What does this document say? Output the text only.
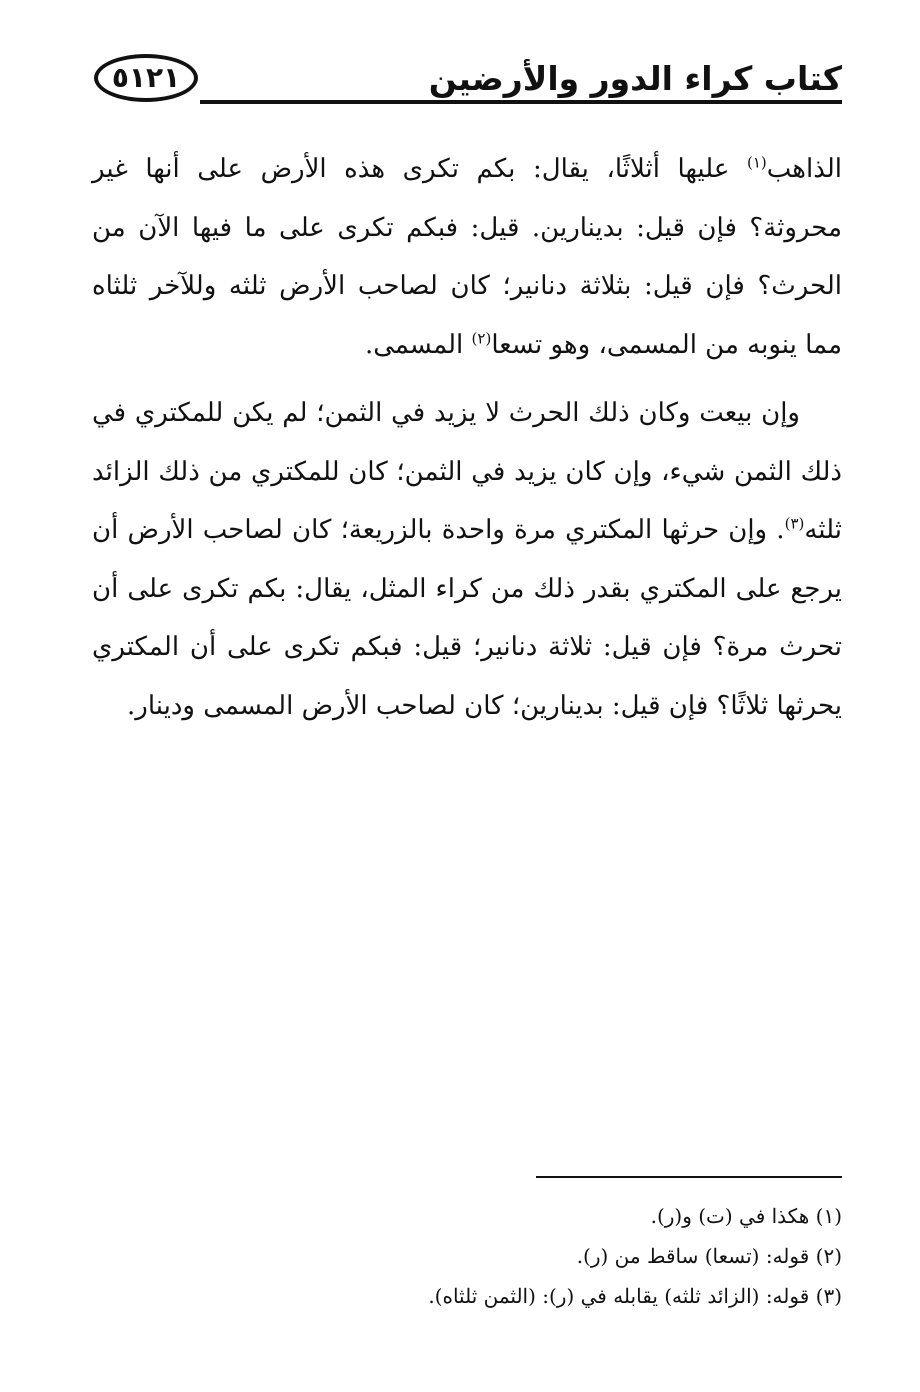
كتاب كراء الدور والأرضين
٥١٢١

الذاهب$^{(١)}$ عليها أثلاثًا، يقال: بكم تكرى هذه الأرض على أنها غير محروثة؟ فإن قيل: بدينارين. قيل: فبكم تكرى على ما فيها الآن من الحرث؟ فإن قيل: بثلاثة دنانير؛ كان لصاحب الأرض ثلثه وللآخر ثلثاه مما ينوبه من المسمى، وهو تسعا$^{(٢)}$ المسمى.

وإن بيعت وكان ذلك الحرث لا يزيد في الثمن؛ لم يكن للمكتري في ذلك الثمن شيء، وإن كان يزيد في الثمن؛ كان للمكتري من ذلك الزائد ثلثه$^{(٣)}$. وإن حرثها المكتري مرة واحدة بالزريعة؛ كان لصاحب الأرض أن يرجع على المكتري بقدر ذلك من كراء المثل، يقال: بكم تكرى على أن تحرث مرة؟ فإن قيل: ثلاثة دنانير؛ قيل: فبكم تكرى على أن المكتري يحرثها ثلاثًا؟ فإن قيل: بدينارين؛ كان لصاحب الأرض المسمى ودينار.

(١) هكذا في (ت) و(ر).

(٢) قوله: (تسعا) ساقط من (ر).

(٣) قوله: (الزائد ثلثه) يقابله في (ر): (الثمن ثلثاه).
